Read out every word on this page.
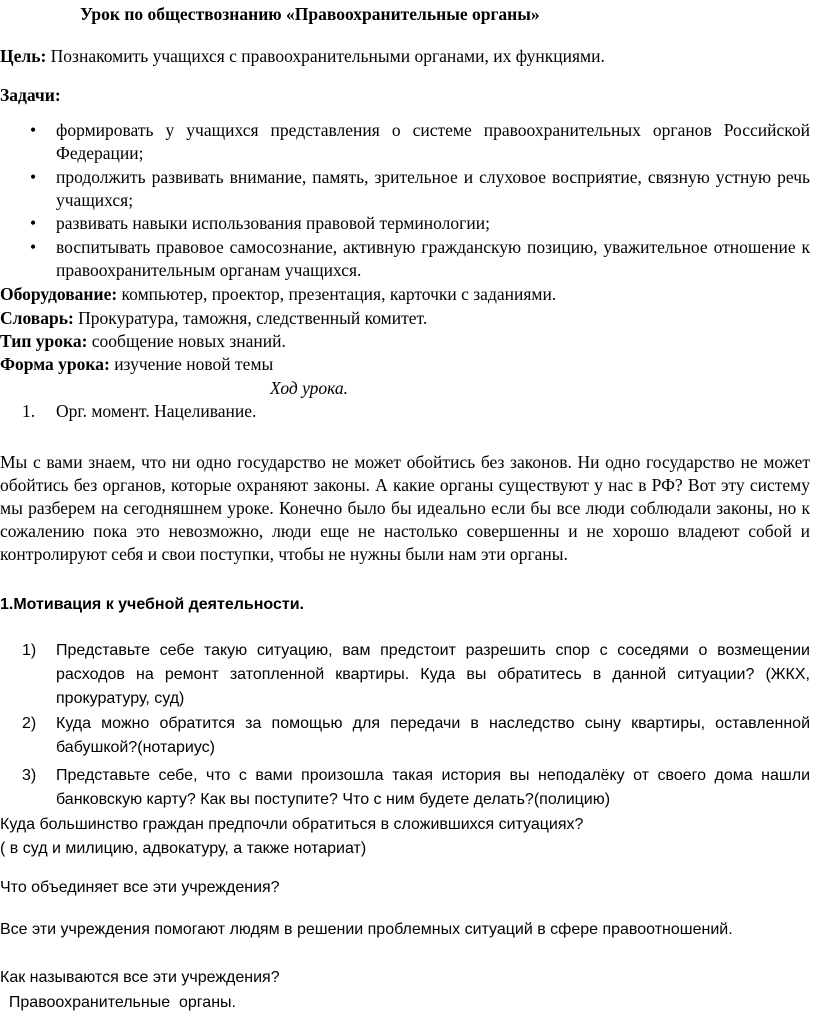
Урок по обществознанию «Правоохранительные органы»

Цель: Познакомить учащихся с правоохранительными органами, их функциями.

Задачи:

• формировать у учащихся представления о системе правоохранительных органов Российской Федерации;

• продолжить развивать внимание, память, зрительное и слуховое восприятие, связную устную речь учащихся;

• развивать навыки использования правовой терминологии;

• воспитывать правовое самосознание, активную гражданскую позицию, уважительное отношение к правоохранительным органам учащихся.

Оборудование: компьютер, проектор, презентация, карточки с заданиями.

Словарь: Прокуратура, таможня, следственный комитет.

Тип урока: сообщение новых знаний.

Форма урока: изучение новой темы

Ход урока.

1. Орг. момент. Нацеливание.

Мы с вами знаем, что ни одно государство не может обойтись без законов. Ни одно государство не может обойтись без органов, которые охраняют законы. А какие органы существуют у нас в РФ? Вот эту систему мы разберем на сегодняшнем уроке. Конечно было бы идеально если бы все люди соблюдали законы, но к сожалению пока это невозможно, люди еще не настолько совершенны и не хорошо владеют собой и контролируют себя и свои поступки, чтобы не нужны были нам эти органы.

1.Мотивация к учебной деятельности.

1) Представьте себе такую ситуацию, вам предстоит разрешить спор с соседями о возмещении расходов на ремонт затопленной квартиры. Куда вы обратитесь в данной ситуации? (ЖКХ, прокуратуру, суд)

2) Куда можно обратится за помощью для передачи в наследство сыну квартиры, оставленной бабушкой?(нотариус)

3) Представьте себе, что с вами произошла такая история вы неподалёку от своего дома нашли банковскую карту? Как вы поступите? Что с ним будете делать?(полицию)

Куда большинство граждан предпочли обратиться в сложившихся ситуациях?

( в суд и милицию, адвокатуру, а также нотариат)

Что объединяет все эти учреждения?

Все эти учреждения помогают людям в решении проблемных ситуаций в сфере правоотношений.

Как называются все эти учреждения?

Правоохранительные  органы.
